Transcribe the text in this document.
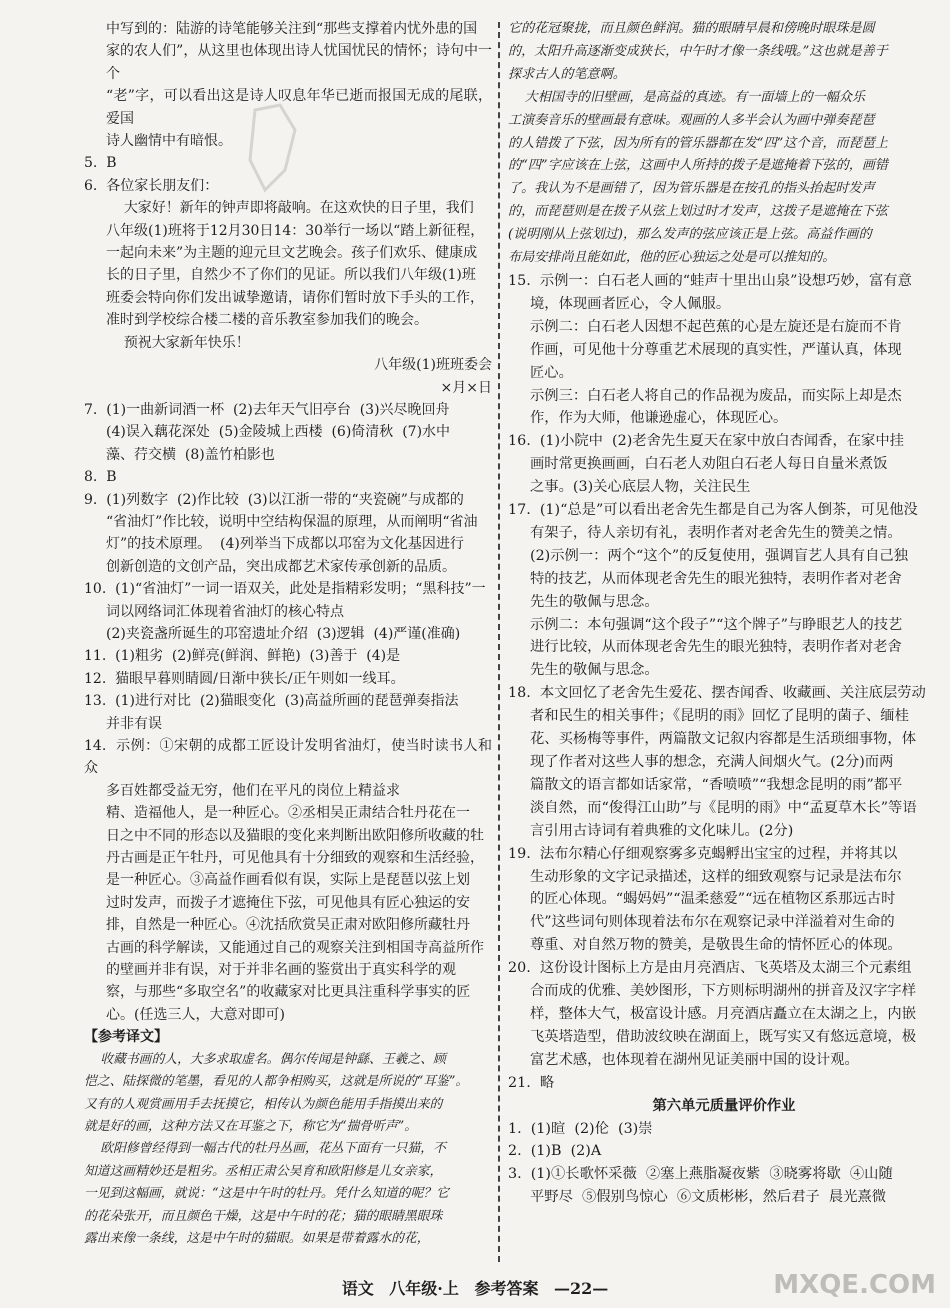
中写到的：陆游的诗笔能够关注到“那些支撑着内忧外患的国

家的农人们”，从这里也体现出诗人忧国忧民的情怀；诗句中一个

“老”字，可以看出这是诗人叹息年华已逝而报国无成的尾联，爱国

诗人幽情中有暗恨。

5.  B

6.  各位家长朋友们：

大家好！新年的钟声即将敲响。在这欢快的日子里，我们

八年级(1)班将于12月30日14：30举行一场以“踏上新征程，

一起向未来”为主题的迎元旦文艺晚会。孩子们欢乐、健康成

长的日子里，自然少不了你们的见证。所以我们八年级(1)班

班委会特向你们发出诚挚邀请，请你们暂时放下手头的工作，

准时到学校综合楼二楼的音乐教室参加我们的晚会。

预祝大家新年快乐！

八年级(1)班班委会

×月×日

7.  (1)一曲新词酒一杯  (2)去年天气旧亭台  (3)兴尽晚回舟

(4)误入藕花深处  (5)金陵城上西楼  (6)倚清秋  (7)水中

藻、荇交横  (8)盖竹柏影也

8.  B

9.  (1)列数字  (2)作比较  (3)以江浙一带的“夹瓷碗”与成都的

“省油灯”作比较，说明中空结构保温的原理，从而阐明“省油

灯”的技术原理。  (4)列举当下成都以邛窑为文化基因进行

创新创造的文创产品，突出成都艺术家传承创新的品质。

10.  (1)“省油灯”一词一语双关，此处是指精彩发明；“黑科技”一

词以网络词汇体现着省油灯的核心特点

(2)夹瓷盏所诞生的邛窑遗址介绍  (3)逻辑  (4)严谨(准确)

11.  (1)粗劣  (2)鲜亮(鲜润、鲜艳)  (3)善于  (4)是

12.  猫眼早暮则睛圆/日渐中狭长/正午则如一线耳。

13.  (1)进行对比  (2)猫眼变化  (3)高益所画的琵琶弹奏指法

并非有误

14.  示例：①宋朝的成都工匠设计发明省油灯，使当时读书人和众

多百姓都受益无穷，他们在平凡的岗位上精益求

精、造福他人，是一种匠心。②丞相吴正肃结合牡丹花在一

日之中不同的形态以及猫眼的变化来判断出欧阳修所收藏的牡

丹古画是正午牡丹，可见他具有十分细致的观察和生活经验，

是一种匠心。③高益作画看似有误，实际上是琵琶以弦上划

过时发声，而拨子才遮掩住下弦，可见他具有匠心独运的安

排，自然是一种匠心。④沈括欣赏吴正肃对欧阳修所藏牡丹

古画的科学解读，又能通过自己的观察关注到相国寺高益所作

的壁画并非有误，对于并非名画的鉴赏出于真实科学的观

察，与那些“多取空名”的收藏家对比更具注重科学事实的匠

心。(任选三人，大意对即可)

【参考译文】

收藏书画的人，大多求取虚名。偶尔传闻是钟繇、王羲之、顾

恺之、陆探微的笔墨，看见的人都争相购买，这就是所说的“耳鉴”。

又有的人观赏画用手去抚摸它，相传认为颜色能用手指摸出来的

就是好的画，这种方法又在耳鉴之下，称它为“揣骨听声”。

欧阳修曾经得到一幅古代的牡丹丛画，花丛下面有一只猫，不

知道这画精妙还是粗劣。丞相正肃公吴育和欧阳修是儿女亲家，

一见到这幅画，就说：“这是中午时的牡丹。凭什么知道的呢？它

的花朵张开，而且颜色干燥，这是中午时的花；猫的眼睛黑眼珠

露出来像一条线，这是中午时的猫眼。如果是带着露水的花，

它的花冠聚拢，而且颜色鲜润。猫的眼睛早晨和傍晚时眼珠是圆

的，太阳升高逐渐变成狭长，中午时才像一条线哦。”这也就是善于

探求古人的笔意啊。

大相国寺的旧壁画，是高益的真迹。有一面墙上的一幅众乐

工演奏音乐的壁画最有意味。观画的人多半会认为画中弹奏琵琶

的人错拨了下弦，因为所有的管乐器都在发“四”这个音，而琵琶上

的“四”字应该在上弦，这画中人所持的拨子是遮掩着下弦的，画错

了。我认为不是画错了，因为管乐器是在按孔的指头抬起时发声

的，而琵琶则是在拨子从弦上划过时才发声，这拨子是遮掩在下弦

(说明刚从上弦划过)，那么发声的弦应该正是上弦。高益作画的

布局安排尚且能如此，他的匠心独运之处是可以推知的。

15.  示例一：白石老人画的“蛙声十里出山泉”设想巧妙，富有意

境，体现画者匠心，令人佩服。

示例二：白石老人因想不起芭蕉的心是左旋还是右旋而不肯

作画，可见他十分尊重艺术展现的真实性，严谨认真，体现

匠心。

示例三：白石老人将自己的作品视为废品，而实际上却是杰

作，作为大师，他谦逊虚心，体现匠心。

16.  (1)小院中  (2)老舍先生夏天在家中放白杏闻香，在家中挂

画时常更换画画，白石老人劝阻白石老人每日自量米煮饭

之事。(3)关心底层人物，关注民生

17.  (1)“总是”可以看出老舍先生都是自己为客人倒茶，可见他没

有架子，待人亲切有礼，表明作者对老舍先生的赞美之情。

(2)示例一：两个“这个”的反复使用，强调盲艺人具有自己独

特的技艺，从而体现老舍先生的眼光独特，表明作者对老舍

先生的敬佩与思念。

示例二：本句强调“这个段子”“这个牌子”与睁眼艺人的技艺

进行比较，从而体现老舍先生的眼光独特，表明作者对老舍

先生的敬佩与思念。

18.  本文回忆了老舍先生爱花、摆杏闻香、收藏画、关注底层劳动

者和民生的相关事件；《昆明的雨》回忆了昆明的菌子、缅桂

花、买杨梅等事件，两篇散文记叙内容都是生活琐细事物，体

现了作者对这些人事的想念，充满人间烟火气。(2分)而两

篇散文的语言都如话家常，“香喷喷”“我想念昆明的雨”都平

淡自然，而“俊得江山助”与《昆明的雨》中“孟夏草木长”等语

言引用古诗词有着典雅的文化味儿。(2分)

19.  法布尔精心仔细观察雾多克蝎孵出宝宝的过程，并将其以

生动形象的文字记录描述，这样的细致观察与记录是法布尔

的匠心体现。“蝎妈妈”“温柔慈爱”“远在植物区系那远古时

代”这些词句则体现着法布尔在观察记录中洋溢着对生命的

尊重、对自然万物的赞美，是敬畏生命的情怀匠心的体现。

20.  这份设计图标上方是由月亮酒店、飞英塔及太湖三个元素组

合而成的优雅、美妙图形，下方则标明湖州的拼音及汉字字样

样，整体大气，极富设计感。月亮酒店矗立在太湖之上，内嵌

飞英塔造型，借助波纹映在湖面上，既写实又有悠远意境，极

富艺术感，也体现着在湖州见证美丽中国的设计观。

21.  略

第六单元质量评价作业

1.  (1)暄  (2)伦  (3)崇

2.  (1)B  (2)A

3.  (1)①长歌怀采薇  ②塞上燕脂凝夜紫  ③晓雾将歇  ④山随

平野尽  ⑤假别鸟惊心  ⑥文质彬彬，然后君子  晨光熹微

语文 八年级·上 参考答案 —22—	MXQE.COM
